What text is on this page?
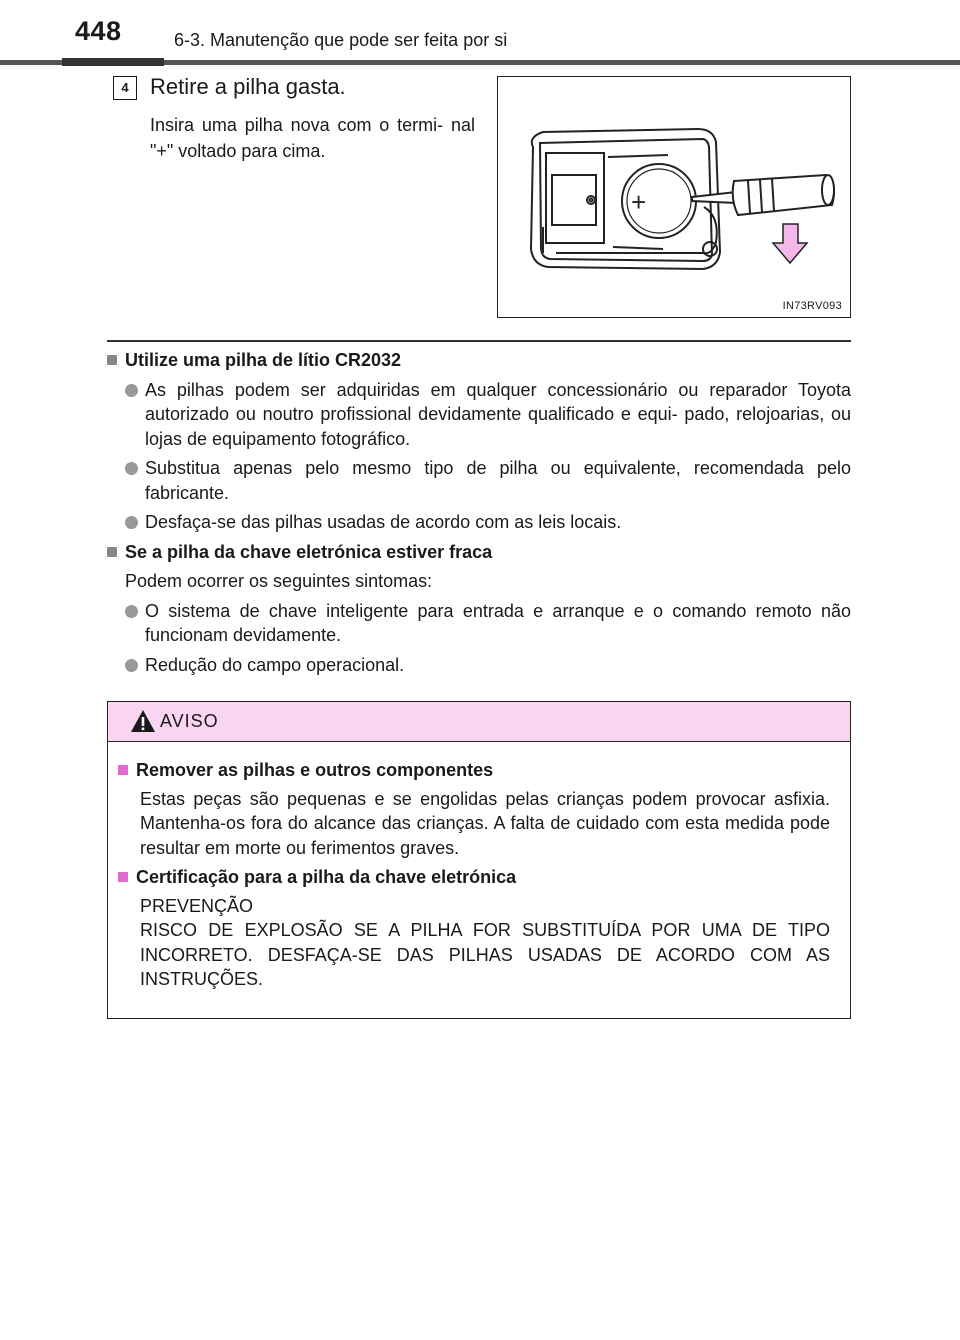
448	6-3. Manutenção que pode ser feita por si
4 Retire a pilha gasta.
Insira uma pilha nova com o termi- nal "+" voltado para cima.
+
IN73RV093
Utilize uma pilha de lítio CR2032
As pilhas podem ser adquiridas em qualquer concessionário ou reparador Toyota autorizado ou noutro profissional devidamente qualificado e equi- pado, relojoarias, ou lojas de equipamento fotográfico.
Substitua apenas pelo mesmo tipo de pilha ou equivalente, recomendada pelo fabricante.
Desfaça-se das pilhas usadas de acordo com as leis locais.
Se a pilha da chave eletrónica estiver fraca
Podem ocorrer os seguintes sintomas:
O sistema de chave inteligente para entrada e arranque e o comando remoto não funcionam devidamente.
Redução do campo operacional.
AVISO
Remover as pilhas e outros componentes
Estas peças são pequenas e se engolidas pelas crianças podem provocar asfixia. Mantenha-os fora do alcance das crianças. A falta de cuidado com esta medida pode resultar em morte ou ferimentos graves.
Certificação para a pilha da chave eletrónica
PREVENÇÃO
RISCO DE EXPLOSÃO SE A PILHA FOR SUBSTITUÍDA POR UMA DE TIPO INCORRETO. DESFAÇA-SE DAS PILHAS USADAS DE ACORDO COM AS INSTRUÇÕES.
